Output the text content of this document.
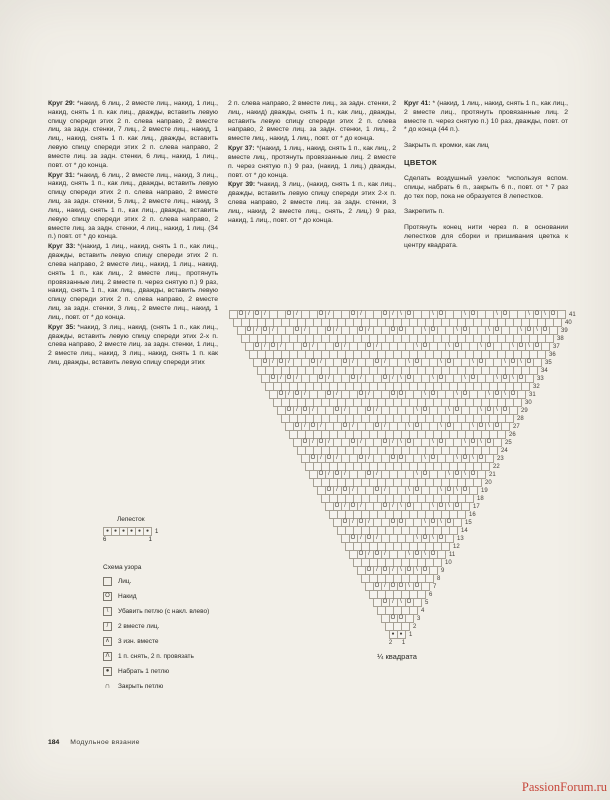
Круг 29: *накид, 6 лиц., 2 вместе лиц., накид, 1 лиц., накид, снять 1 п. как лиц., дважды, вставить левую спицу спереди этих 2 п. слева направо, 2 вместе лиц. за задн. стенки, 7 лиц., 2 вместе лиц., накид, 1 лиц., накид, снять 1 п. как лиц., дважды, вставить левую спицу спереди этих 2 п. слева направо, 2 вместе лиц. за задн. стенки, 6 лиц., накид, 1 лиц., повт. от * до конца.

Круг 31: *накид, 6 лиц., 2 вместе лиц., накид, 3 лиц., накид, снять 1 п., как лиц., дважды, вставить левую спицу спереди этих 2 п. слева направо, 2 вместе лиц. за задн. стенки, 5 лиц., 2 вместе лиц., накид, 3 лиц., накид, снять 1 п., как лиц., дважды, вставить левую спицу спереди этих 2 п. слева направо, 2 вместе лиц. за задн. стенки, 4 лиц., накид, 1 лиц. (34 п.) повт. от * до конца.

Круг 33: *(накид, 1 лиц., накид, снять 1 п., как лиц., дважды, вставить левую спицу спереди этих 2 п. слева направо, 2 вместе лиц., накид, 1 лиц., накид, снять 1 п., как лиц., 2 вместе лиц., протянуть провязанные лиц. 2 вместе п. через снятую п.) 9 раз, накид, снять 1 п., как лиц., дважды, вставить левую спицу спереди этих 2 п. слева направо, 2 вместе лиц. за задн. стенки, 3 лиц., 2 вместе лиц., накид, 1 лиц., повт. от * до конца.

Круг 35: *накид, 3 лиц., накид, (снять 1 п., как лиц., дважды, вставить левую спицу спереди этих 2-х п. слева направо, 2 вместе лиц. за задн. стенки, 1 лиц., 2 вместе лиц., накид, 3 лиц., накид, снять 1 п. как лиц. дважды, вставить левую спицу спереди этих

2 п. слева направо, 2 вместе лиц., за задн. стенки, 2 лиц., накид) дважды, снять 1 п., как лиц., дважды, вставить левую спицу спереди этих 2 п. слева направо, 2 вместе лиц. за задн. стенки, 1 лиц., 2 вместе лиц., накид, 1 лиц., повт. от * до конца.

Круг 37: *(накид, 1 лиц., накид, снять 1 п., как лиц., 2 вместе лиц., протянуть провязанные лиц. 2 вместе п. через снятую п.) 9 раз, (накид, 1 лиц.) дважды, повт. от * до конца.

Круг 39: *накид, 3 лиц., (накид, снять 1 п., как лиц., дважды, вставить левую спицу спереди этих 2-х п. слева направо, 2 вместе лиц. за задн. стенки, 3 лиц., накид, 2 вместе лиц., снять, 2 лиц.) 9 раз, накид, 1 лиц., повт. от * до конца.

Круг 41: * (накид, 1 лиц., накид, снять 1 п., как лиц., 2 вместе лиц., протянуть провязанные лиц. 2 вместе п. через снятую п.) 10 раз, дважды, повт. от * до конца (44 п.).

Закрыть п. кромки, как лиц

ЦВЕТОК

Сделать воздушный узелок: *используя вспом. спицы, набрать 6 п., закрыть 6 п., повт. от * 7 раз до тех пор, пока не образуется 8 лепестков.

Закрепить п.

Протянуть конец нити через п. в основании лепестков для сборки и пришивания цветка к центру квадрата.

O / O /	O /	O /	O /	O /	\ O	\ O	\ O	\ O	\ O \ O	41
40
O / O /	O /	O /	O /	O O	\ O	\ O	\ O	\ O \ O	39
38
O / O /	O /	O /	O /	\ O	\ O	\ O	\ O \ O	37
36
O / O /	O /	O /	O /	\ O	\ O	\ O	\ O \ O	35
34
O / O /	O /	O /	O /	\ O	\ O	\ O	\ O \ O	33
32
O / O /	O /	O /	O O	\ O	\ O	\ O \ O	31
30
O / O /	O /	O /	\ O	\ O	\ O \ O	29
28
O / O /	O /	O /	\ O	\ O	\ O \ O	27
26
O / O /	O /	O /	\ O	\ O	\ O \ O	25
24
O / O /	O /	O O	\ O	\ O \ O	23
22
O / O /	O /	\ O	\ O \ O	21
20
O / O /	O /	\ O	\ O \ O	19
18
O / O /	O /	\ O	\ O \ O	17
16
O / O /	O O	\ O \ O	15
14
O / O /	\ O \ O	13
12
O / O /	\ O \ O	11
10
O / O /	\ O \ O	9
8
O / O O \ O	7
6
O /	\ O	5
4
O O	3
2
● ●	1
2 1
¼ квадрата
Лепесток
● ● ● ● ● ● 1
6	1
Схема узора
Лиц.
O	Накид
\	Убавить петлю (с накл. влево)
/	2 вместе лиц.
∧	3 изн. вместе
Λ	1 п. снять, 2 п. провязать
●	Набрать 1 петлю
∩ Закрыть петлю
184 Модульное вязание
PassionForum.ru
